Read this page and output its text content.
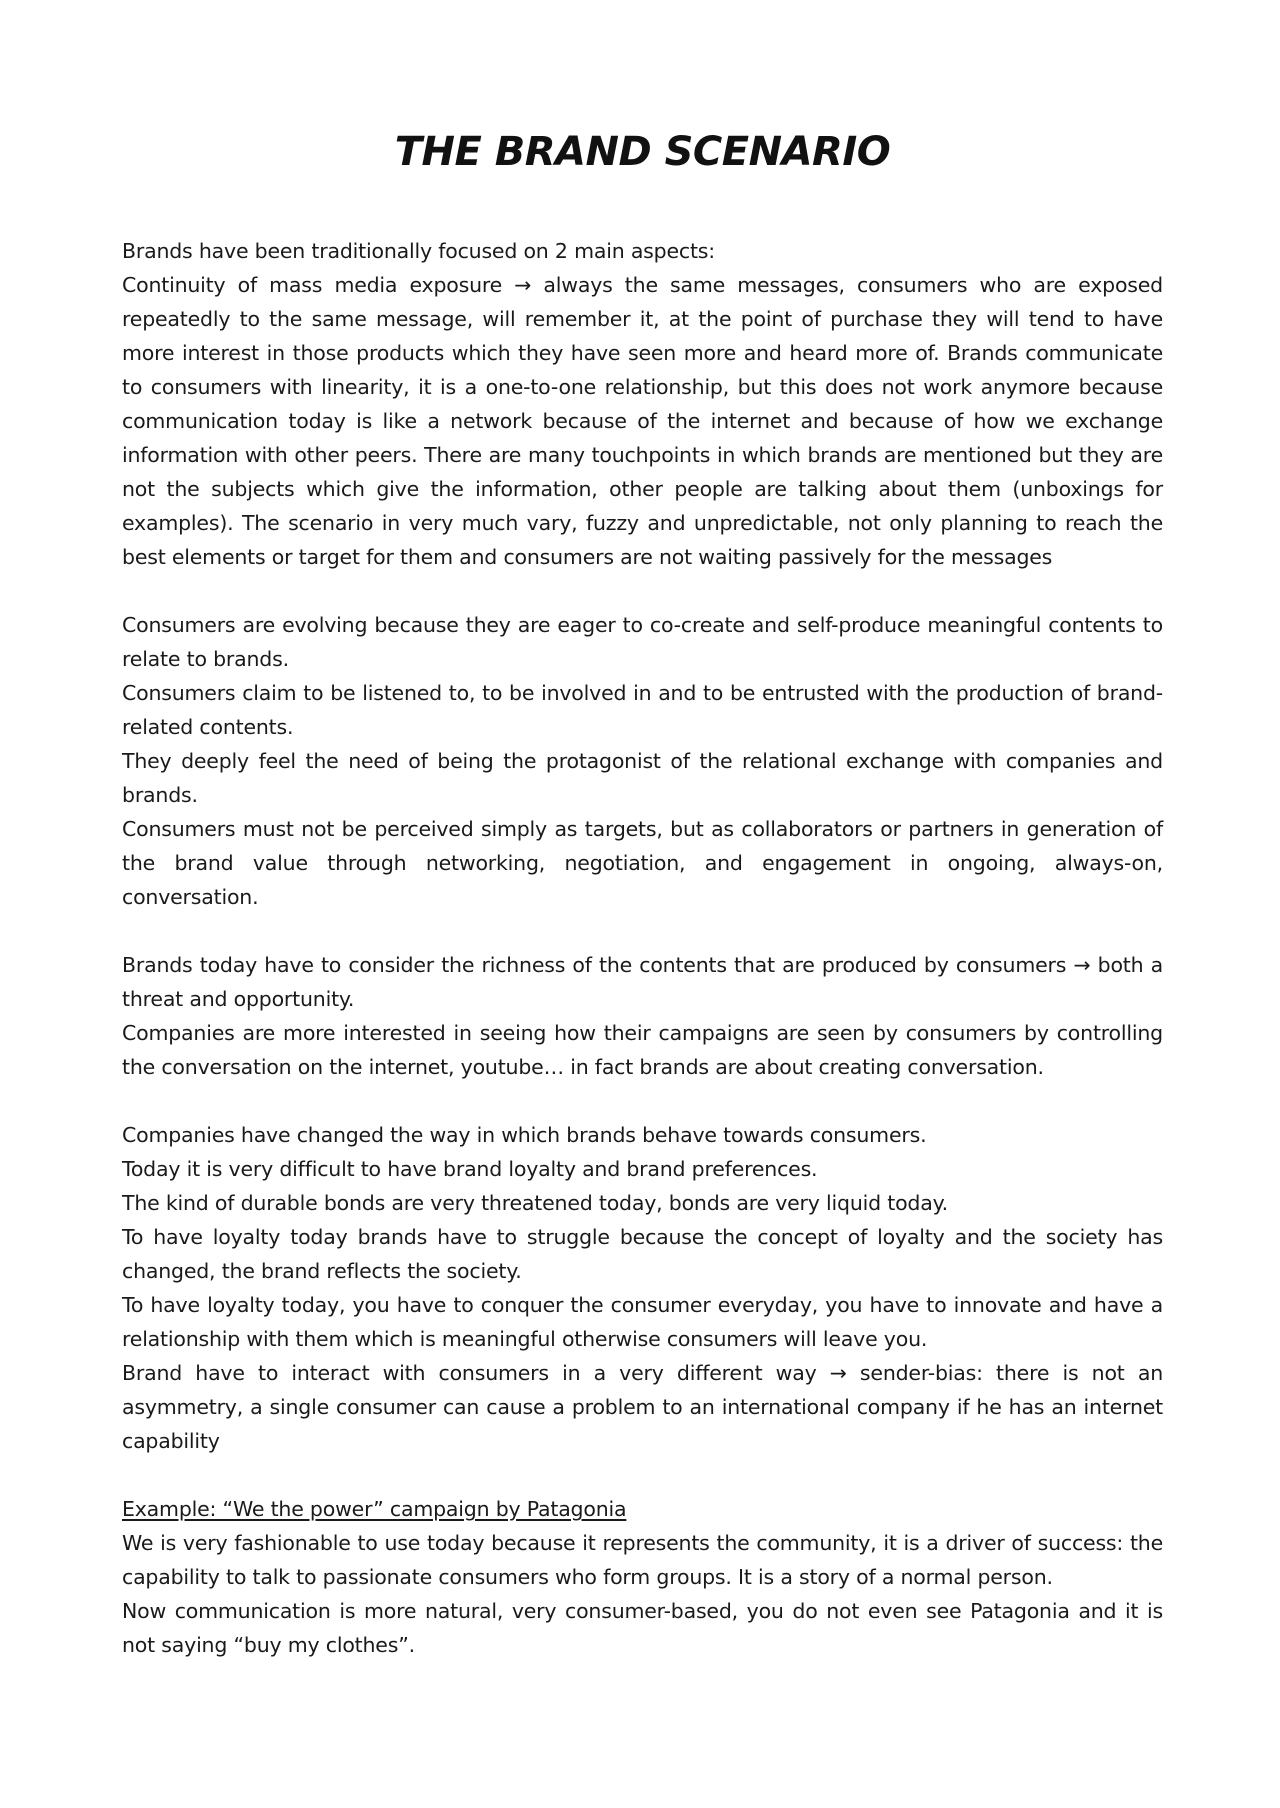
THE BRAND SCENARIO

Brands have been traditionally focused on 2 main aspects:

Continuity of mass media exposure → always the same messages, consumers who are exposed repeatedly to the same message, will remember it, at the point of purchase they will tend to have more interest in those products which they have seen more and heard more of. Brands communicate to consumers with linearity, it is a one-to-one relationship, but this does not work anymore because communication today is like a network because of the internet and because of how we exchange information with other peers. There are many touchpoints in which brands are mentioned but they are not the subjects which give the information, other people are talking about them (unboxings for examples). The scenario in very much vary, fuzzy and unpredictable, not only planning to reach the best elements or target for them and consumers are not waiting passively for the messages

Consumers are evolving because they are eager to co-create and self-produce meaningful contents to relate to brands.

Consumers claim to be listened to, to be involved in and to be entrusted with the production of brand-related contents.

They deeply feel the need of being the protagonist of the relational exchange with companies and brands.

Consumers must not be perceived simply as targets, but as collaborators or partners in generation of the brand value through networking, negotiation, and engagement in ongoing, always-on, conversation.

Brands today have to consider the richness of the contents that are produced by consumers → both a threat and opportunity.

Companies are more interested in seeing how their campaigns are seen by consumers by controlling the conversation on the internet, youtube… in fact brands are about creating conversation.

Companies have changed the way in which brands behave towards consumers.

Today it is very difficult to have brand loyalty and brand preferences.

The kind of durable bonds are very threatened today, bonds are very liquid today.

To have loyalty today brands have to struggle because the concept of loyalty and the society has changed, the brand reflects the society.

To have loyalty today, you have to conquer the consumer everyday, you have to innovate and have a relationship with them which is meaningful otherwise consumers will leave you.

Brand have to interact with consumers in a very different way → sender-bias: there is not an asymmetry, a single consumer can cause a problem to an international company if he has an internet capability

Example: “We the power” campaign by Patagonia

We is very fashionable to use today because it represents the community, it is a driver of success: the capability to talk to passionate consumers who form groups. It is a story of a normal person.

Now communication is more natural, very consumer-based, you do not even see Patagonia and it is not saying “buy my clothes”.
